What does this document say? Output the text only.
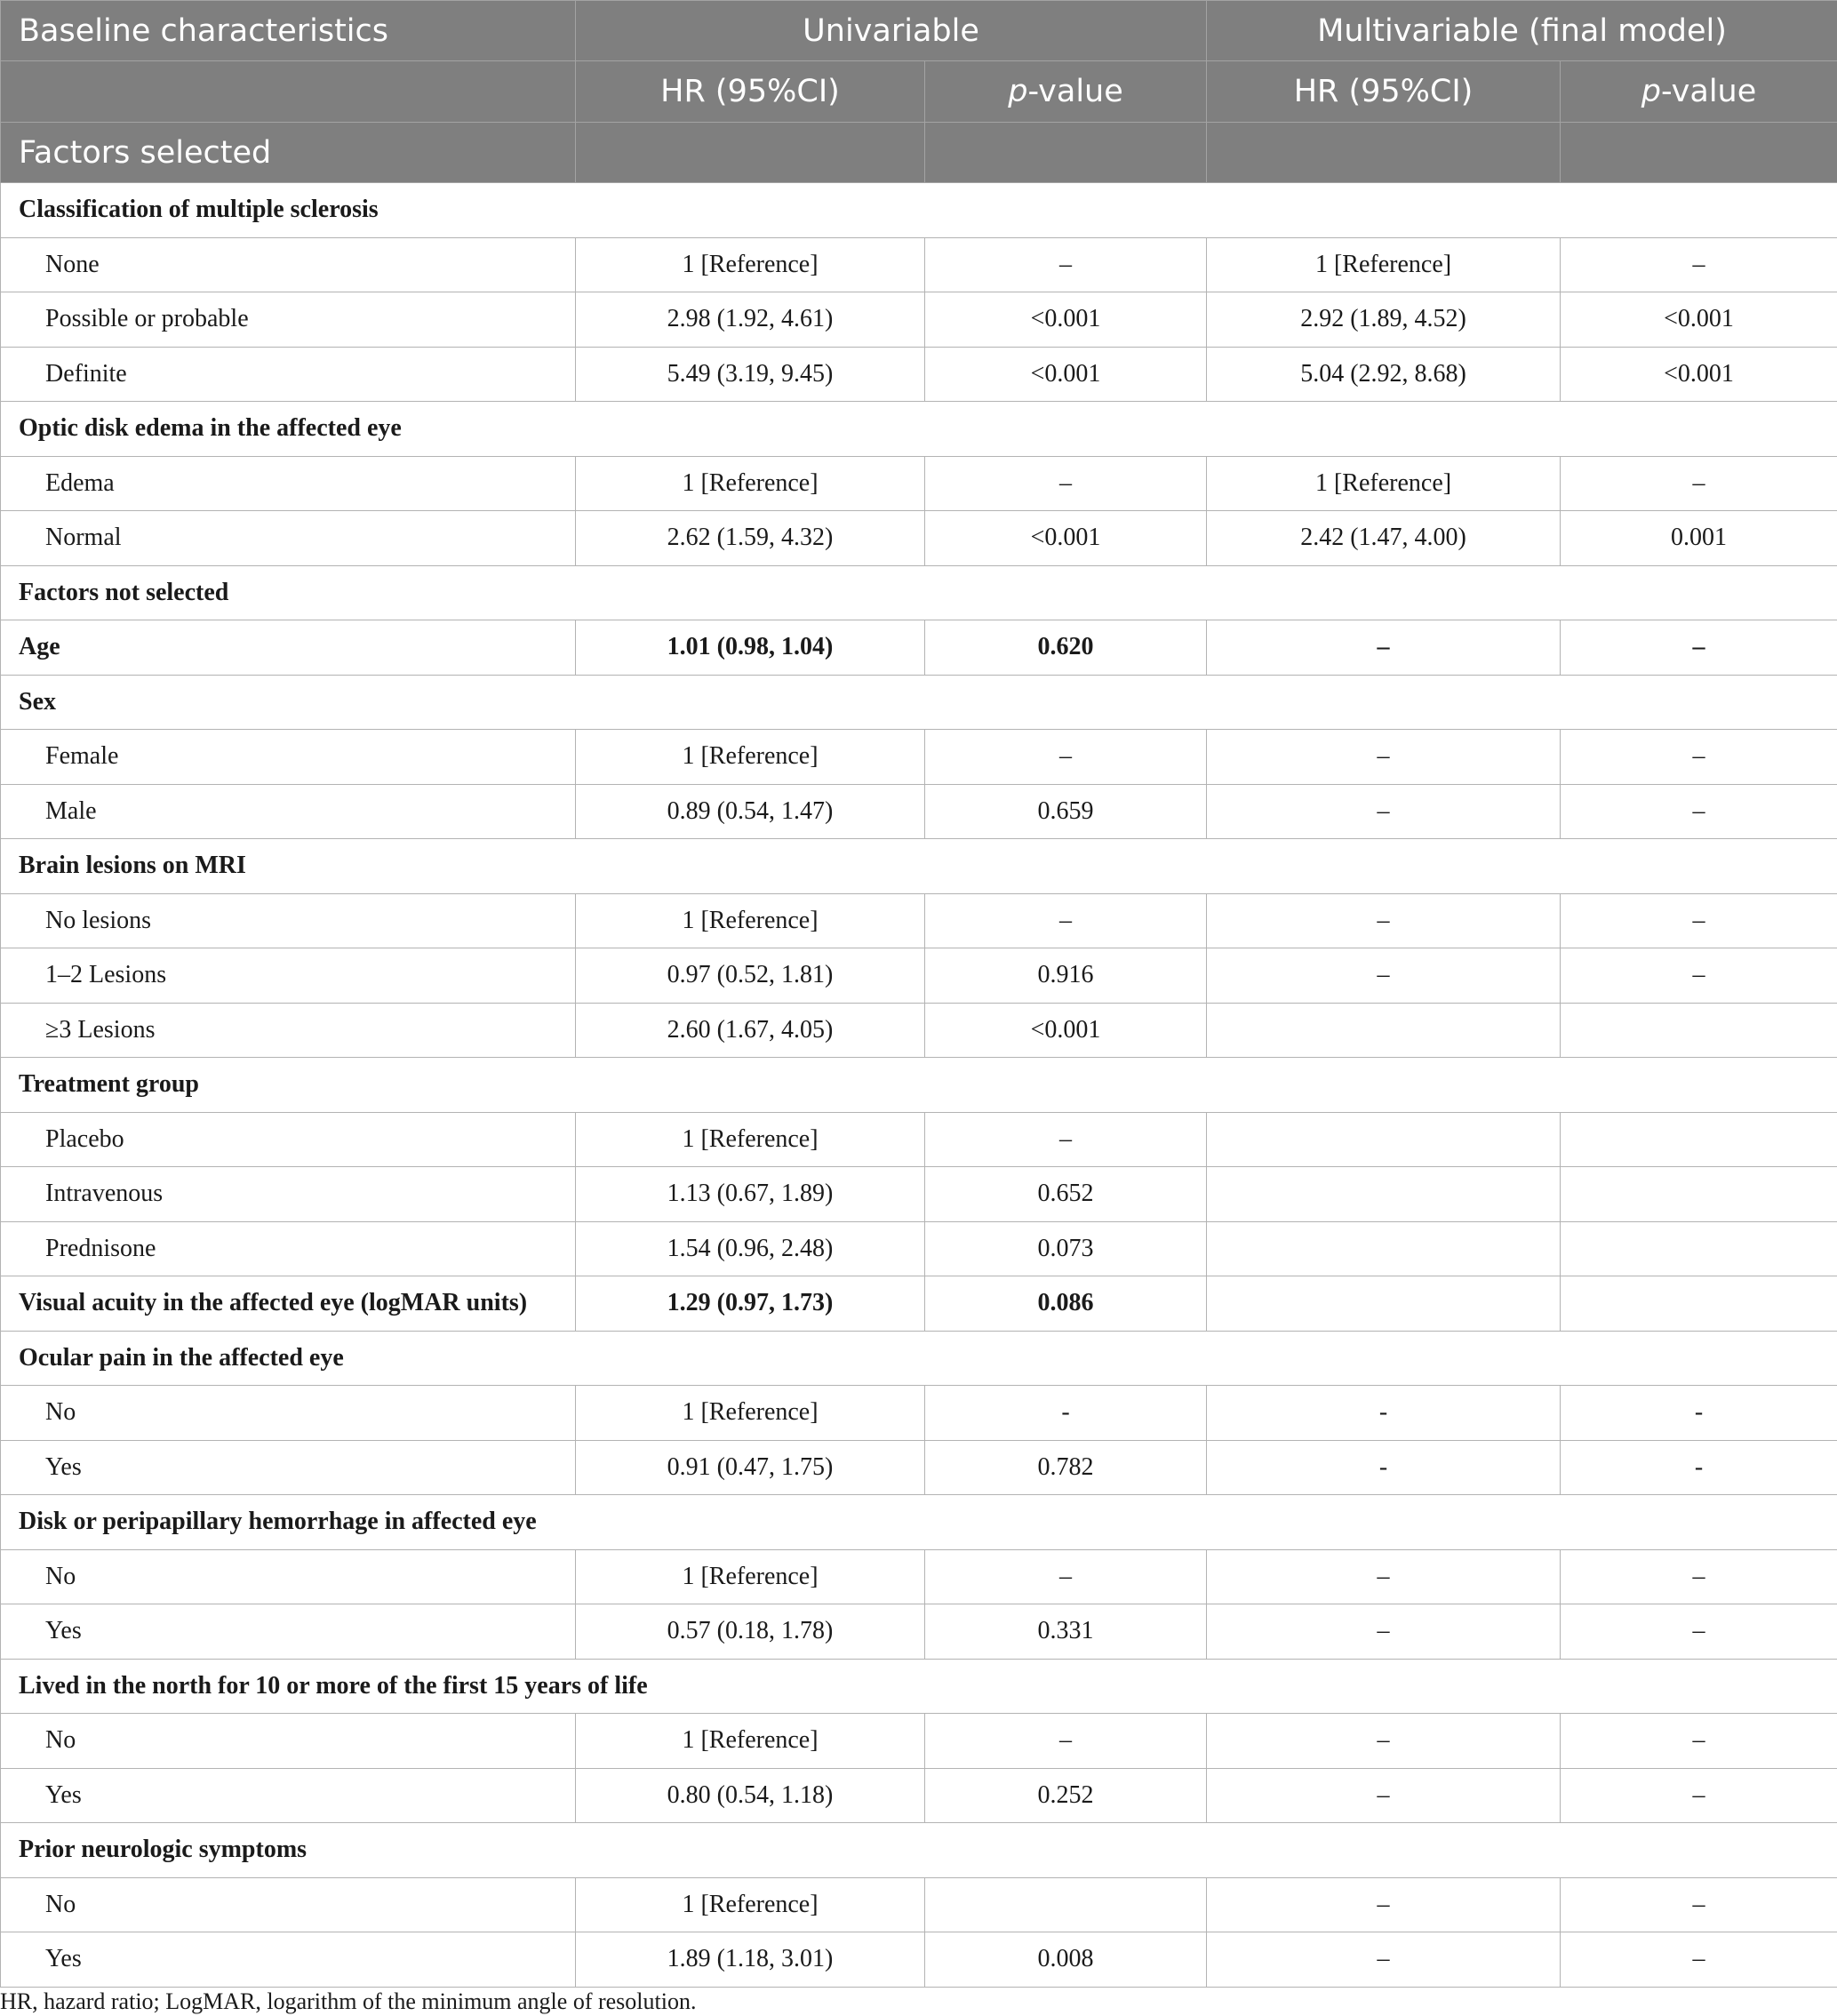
Baseline characteristics	Univariable		Multivariable (final model)	
	HR (95%CI)	p-value	HR (95%CI)	p-value
Factors selected				
Classification of multiple sclerosis				
None	1 [Reference]	–	1 [Reference]	–
Possible or probable	2.98 (1.92, 4.61)	<0.001	2.92 (1.89, 4.52)	<0.001
Definite	5.49 (3.19, 9.45)	<0.001	5.04 (2.92, 8.68)	<0.001
Optic disk edema in the affected eye				
Edema	1 [Reference]	–	1 [Reference]	–
Normal	2.62 (1.59, 4.32)	<0.001	2.42 (1.47, 4.00)	0.001
Factors not selected				
Age	1.01 (0.98, 1.04)	0.620	–	–
Sex				
Female	1 [Reference]	–	–	–
Male	0.89 (0.54, 1.47)	0.659	–	–
Brain lesions on MRI				
No lesions	1 [Reference]	–	–	–
1–2 Lesions	0.97 (0.52, 1.81)	0.916	–	–
≥3 Lesions	2.60 (1.67, 4.05)	<0.001		
Treatment group				
Placebo	1 [Reference]	–		
Intravenous	1.13 (0.67, 1.89)	0.652		
Prednisone	1.54 (0.96, 2.48)	0.073		
Visual acuity in the affected eye (logMAR units)	1.29 (0.97, 1.73)	0.086		
Ocular pain in the affected eye				
No	1 [Reference]	-	-	-
Yes	0.91 (0.47, 1.75)	0.782	-	-
Disk or peripapillary hemorrhage in affected eye				
No	1 [Reference]	–	–	–
Yes	0.57 (0.18, 1.78)	0.331	–	–
Lived in the north for 10 or more of the first 15 years of life				
No	1 [Reference]	–	–	–
Yes	0.80 (0.54, 1.18)	0.252	–	–
Prior neurologic symptoms				
No	1 [Reference]		–	–
Yes	1.89 (1.18, 3.01)	0.008	–	–
HR, hazard ratio; LogMAR, logarithm of the minimum angle of resolution.
